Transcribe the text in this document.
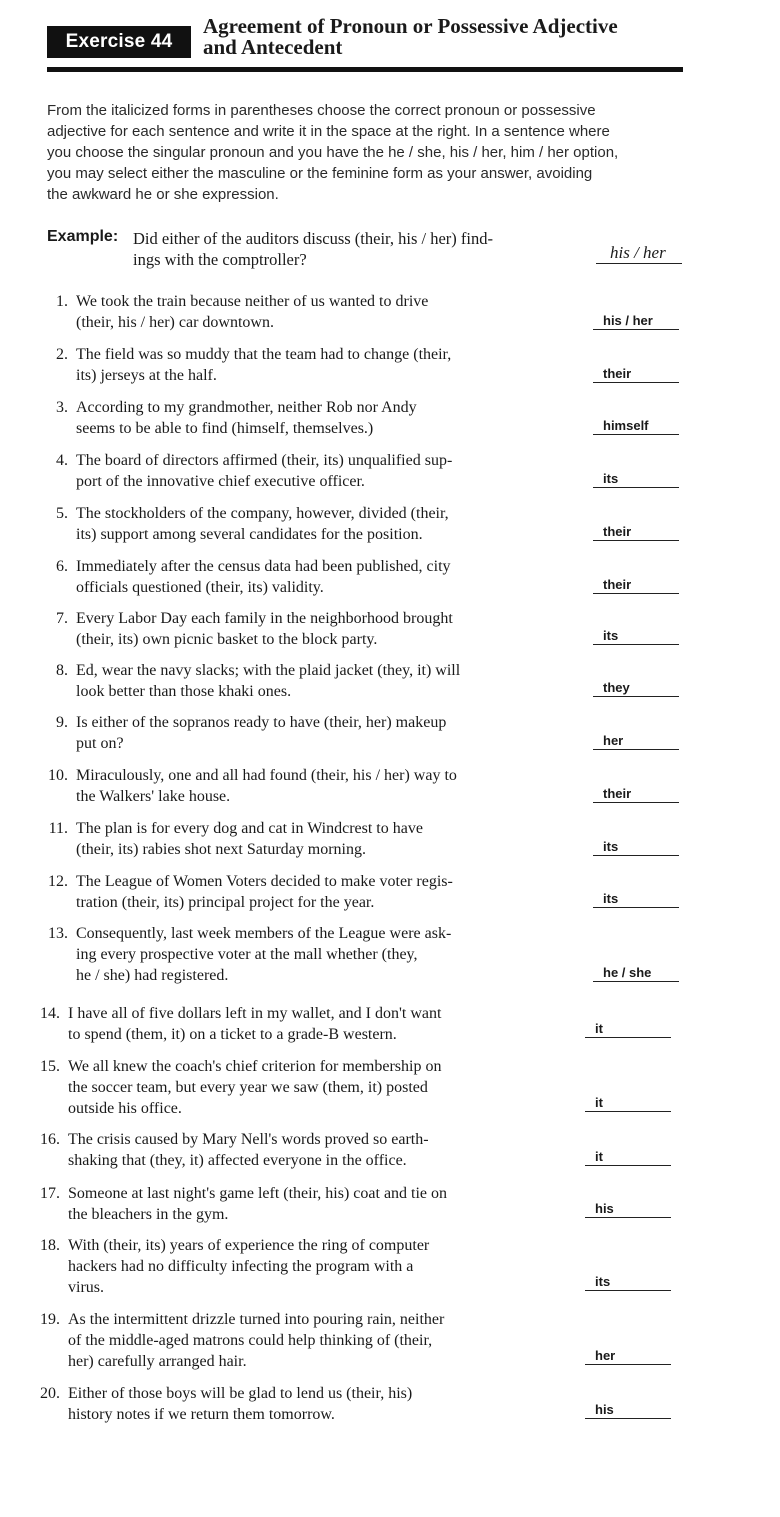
Exercise 44
Agreement of Pronoun or Possessive Adjective
and Antecedent

From the italicized forms in parentheses choose the correct pronoun or possessive

adjective for each sentence and write it in the space at the right. In a sentence where

you choose the singular pronoun and you have the he / she, his / her, him / her option,

you may select either the masculine or the feminine form as your answer, avoiding

the awkward he or she expression.

Example: Did either of the auditors discuss (their, his / her) find-
ings with the comptroller?	his / her
1. We took the train because neither of us wanted to drive
(their, his / her) car downtown.	his / her
2. The field was so muddy that the team had to change (their,
its) jerseys at the half.	their
3. According to my grandmother, neither Rob nor Andy
seems to be able to find (himself, themselves.)	himself
4. The board of directors affirmed (their, its) unqualified sup-
port of the innovative chief executive officer.	its
5. The stockholders of the company, however, divided (their,
its) support among several candidates for the position.	their
6. Immediately after the census data had been published, city
officials questioned (their, its) validity.	their
7. Every Labor Day each family in the neighborhood brought
(their, its) own picnic basket to the block party.	its
8. Ed, wear the navy slacks; with the plaid jacket (they, it) will
look better than those khaki ones.	they
9. Is either of the sopranos ready to have (their, her) makeup
put on?	her
10. Miraculously, one and all had found (their, his / her) way to
the Walkers' lake house.	their
11. The plan is for every dog and cat in Windcrest to have
(their, its) rabies shot next Saturday morning.	its
12. The League of Women Voters decided to make voter regis-
tration (their, its) principal project for the year.	its
13. Consequently, last week members of the League were ask-
ing every prospective voter at the mall whether (they,
he / she) had registered.	he / she
14. I have all of five dollars left in my wallet, and I don't want
to spend (them, it) on a ticket to a grade-B western.	it
15. We all knew the coach's chief criterion for membership on
the soccer team, but every year we saw (them, it) posted
outside his office.	it
16. The crisis caused by Mary Nell's words proved so earth-
shaking that (they, it) affected everyone in the office.	it
17. Someone at last night's game left (their, his) coat and tie on
the bleachers in the gym.	his
18. With (their, its) years of experience the ring of computer
hackers had no difficulty infecting the program with a
virus.	its
19. As the intermittent drizzle turned into pouring rain, neither
of the middle-aged matrons could help thinking of (their,
her) carefully arranged hair.	her
20. Either of those boys will be glad to lend us (their, his)
history notes if we return them tomorrow.	his
